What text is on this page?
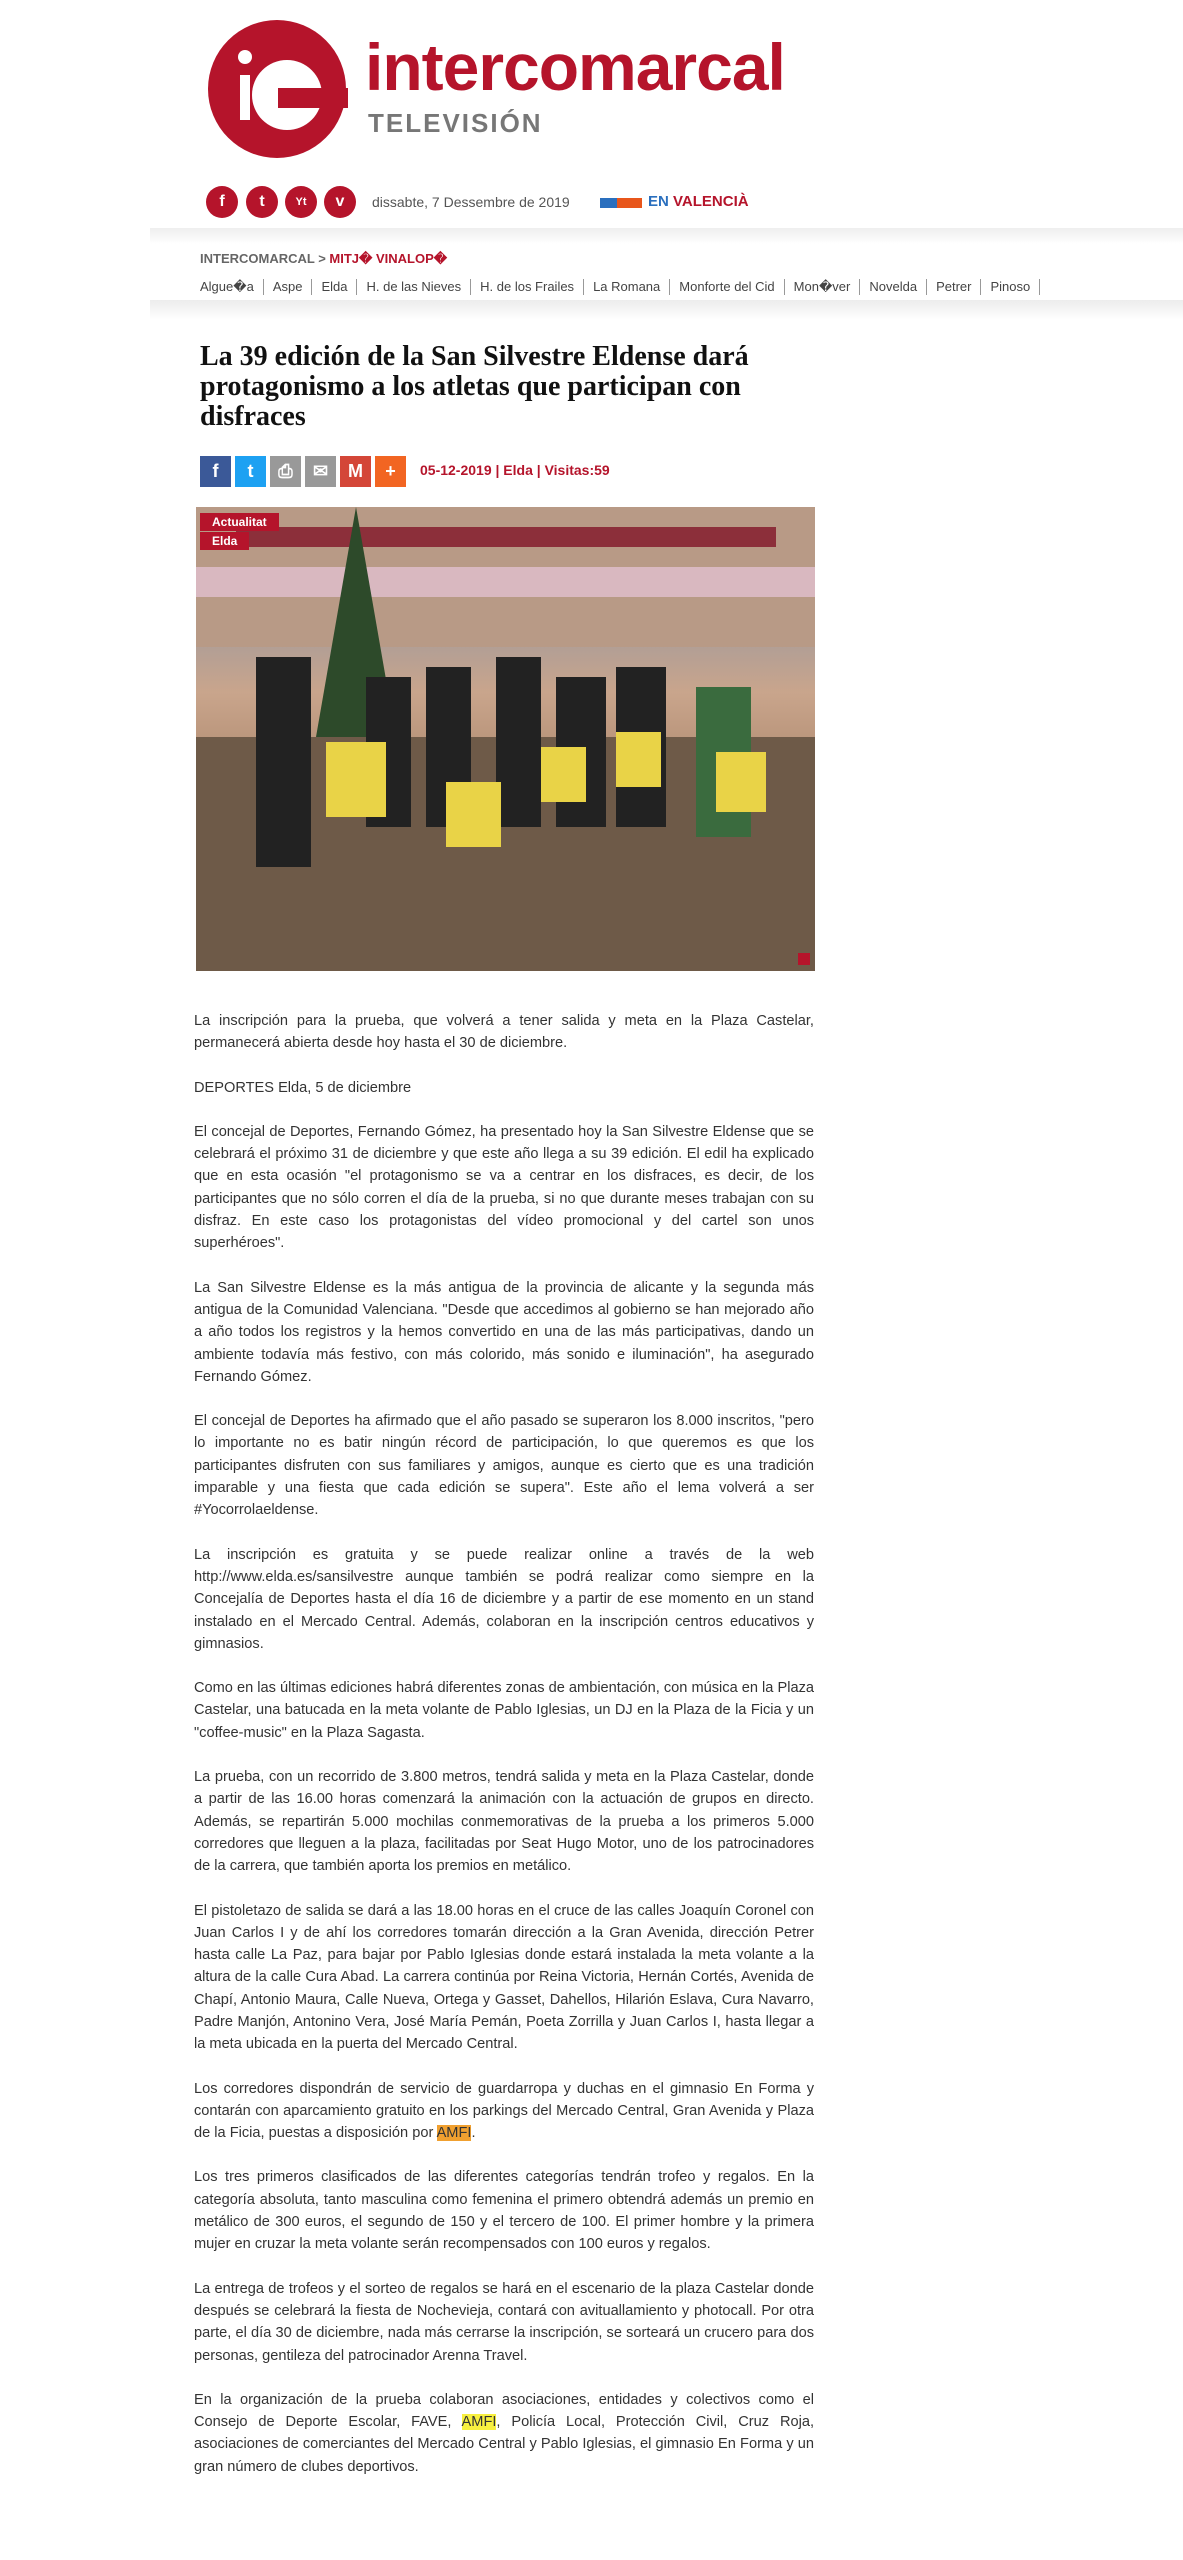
intercomarcal
TELEVISIÓN
f	t	Yt	v	dissabte, 7 Dessembre de 2019	EN VALENCIÀ
INTERCOMARCAL > MITJ� VINALOP�
Algue�a	Aspe	Elda	H. de las Nieves	H. de los Frailes	La Romana	Monforte del Cid	Mon�ver	Novelda	Petrer	Pinoso
La 39 edición de la San Silvestre Eldense dará protagonismo a los atletas que participan con disfraces
f	t	⎙	✉	M	+	05-12-2019 | Elda | Visitas:59
Actualitat
Elda

La inscripción para la prueba, que volverá a tener salida y meta en la Plaza Castelar, permanecerá abierta desde hoy hasta el 30 de diciembre.

DEPORTES Elda, 5 de diciembre

El concejal de Deportes, Fernando Gómez, ha presentado hoy la San Silvestre Eldense que se celebrará el próximo 31 de diciembre y que este año llega a su 39 edición. El edil ha explicado que en esta ocasión "el protagonismo se va a centrar en los disfraces, es decir, de los participantes que no sólo corren el día de la prueba, si no que durante meses trabajan con su disfraz. En este caso los protagonistas del vídeo promocional y del cartel son unos superhéroes".

La San Silvestre Eldense es la más antigua de la provincia de alicante y la segunda más antigua de la Comunidad Valenciana. "Desde que accedimos al gobierno se han mejorado año a año todos los registros y la hemos convertido en una de las más participativas, dando un ambiente todavía más festivo, con más colorido, más sonido e iluminación", ha asegurado Fernando Gómez.

El concejal de Deportes ha afirmado que el año pasado se superaron los 8.000 inscritos, "pero lo importante no es batir ningún récord de participación, lo que queremos es que los participantes disfruten con sus familiares y amigos, aunque es cierto que es una tradición imparable y una fiesta que cada edición se supera". Este año el lema volverá a ser #Yocorrolaeldense.

La inscripción es gratuita y se puede realizar online a través de la web http://www.elda.es/sansilvestre aunque también se podrá realizar como siempre en la Concejalía de Deportes hasta el día 16 de diciembre y a partir de ese momento en un stand instalado en el Mercado Central. Además, colaboran en la inscripción centros educativos y gimnasios.

Como en las últimas ediciones habrá diferentes zonas de ambientación, con música en la Plaza Castelar, una batucada en la meta volante de Pablo Iglesias, un DJ en la Plaza de la Ficia y un "coffee-music" en la Plaza Sagasta.

La prueba, con un recorrido de 3.800 metros, tendrá salida y meta en la Plaza Castelar, donde a partir de las 16.00 horas comenzará la animación con la actuación de grupos en directo. Además, se repartirán 5.000 mochilas conmemorativas de la prueba a los primeros 5.000 corredores que lleguen a la plaza, facilitadas por Seat Hugo Motor, uno de los patrocinadores de la carrera, que también aporta los premios en metálico.

El pistoletazo de salida se dará a las 18.00 horas en el cruce de las calles Joaquín Coronel con Juan Carlos I y de ahí los corredores tomarán dirección a la Gran Avenida, dirección Petrer hasta calle La Paz, para bajar por Pablo Iglesias donde estará instalada la meta volante a la altura de la calle Cura Abad. La carrera continúa por Reina Victoria, Hernán Cortés, Avenida de Chapí, Antonio Maura, Calle Nueva, Ortega y Gasset, Dahellos, Hilarión Eslava, Cura Navarro, Padre Manjón, Antonino Vera, José María Pemán, Poeta Zorrilla y Juan Carlos I, hasta llegar a la meta ubicada en la puerta del Mercado Central.

Los corredores dispondrán de servicio de guardarropa y duchas en el gimnasio En Forma y contarán con aparcamiento gratuito en los parkings del Mercado Central, Gran Avenida y Plaza de la Ficia, puestas a disposición por AMFI.

Los tres primeros clasificados de las diferentes categorías tendrán trofeo y regalos. En la categoría absoluta, tanto masculina como femenina el primero obtendrá además un premio en metálico de 300 euros, el segundo de 150 y el tercero de 100. El primer hombre y la primera mujer en cruzar la meta volante serán recompensados con 100 euros y regalos.

La entrega de trofeos y el sorteo de regalos se hará en el escenario de la plaza Castelar donde después se celebrará la fiesta de Nochevieja, contará con avituallamiento y photocall. Por otra parte, el día 30 de diciembre, nada más cerrarse la inscripción, se sorteará un crucero para dos personas, gentileza del patrocinador Arenna Travel.

En la organización de la prueba colaboran asociaciones, entidades y colectivos como el Consejo de Deporte Escolar, FAVE, AMFI, Policía Local, Protección Civil, Cruz Roja, asociaciones de comerciantes del Mercado Central y Pablo Iglesias, el gimnasio En Forma y un gran número de clubes deportivos.
